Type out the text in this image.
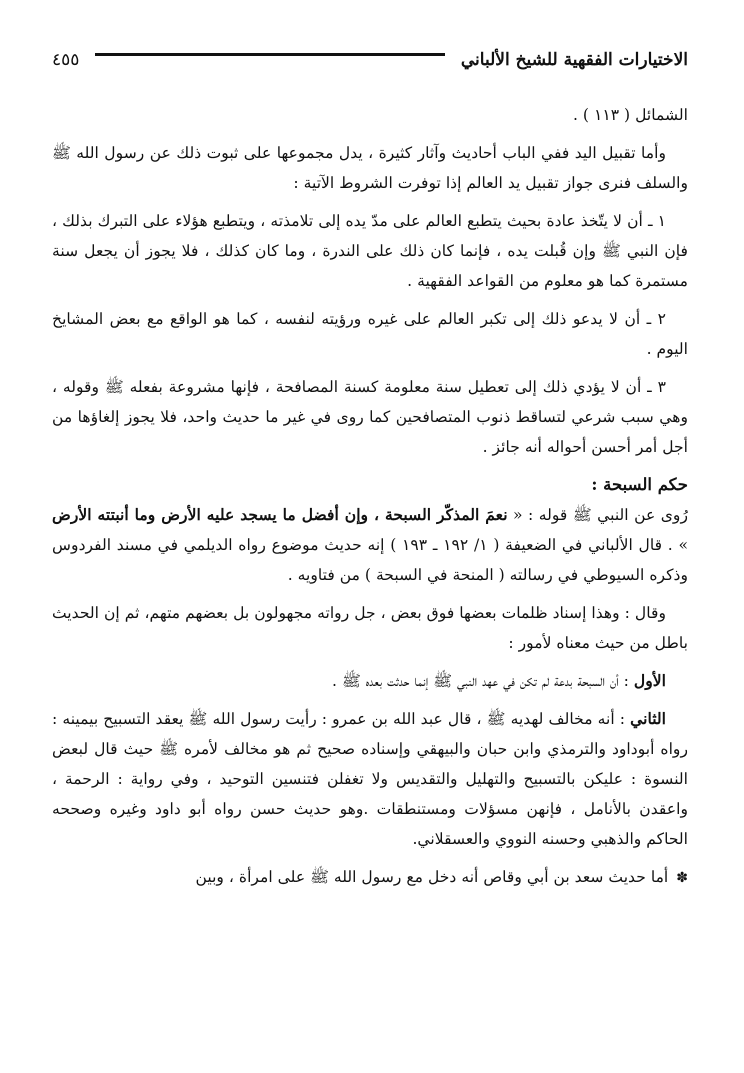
الاختيارات الفقهية للشيخ الألباني
٤٥٥

الشمائل ( ١١٣ ) .

وأما تقبيل اليد ففي الباب أحاديث وآثار كثيرة ، يدل مجموعها على ثبوت ذلك عن رسول الله ﷺ والسلف فنرى جواز تقبيل يد العالم إذا توفرت الشروط الآتية :

١ ـ أن لا يتّخذ عادة بحيث يتطبع العالم على مدّ يده إلى تلامذته ، ويتطبع هؤلاء على التبرك بذلك ، فإن النبي ﷺ وإن قُبلت يده ، فإنما كان ذلك على الندرة ، وما كان كذلك ، فلا يجوز أن يجعل سنة مستمرة كما هو معلوم من القواعد الفقهية .

٢ ـ أن لا يدعو ذلك إلى تكبر العالم على غيره ورؤيته لنفسه ، كما هو الواقع مع بعض المشايخ اليوم .

٣ ـ أن لا يؤدي ذلك إلى تعطيل سنة معلومة كسنة المصافحة ، فإنها مشروعة بفعله ﷺ وقوله ، وهي سبب شرعي لتساقط ذنوب المتصافحين كما روى في غير ما حديث واحد، فلا يجوز إلغاؤها من أجل أمر أحسن أحواله أنه جائز .

حكم السبحة :

رُوى عن النبي ﷺ قوله : « نعمَ المذكّر السبحة ، وإن أفضل ما يسجد عليه الأرض وما أنبتته الأرض » . قال الألباني في الضعيفة ( ١/ ١٩٢ ـ ١٩٣ ) إنه حديث موضوع رواه الديلمي في مسند الفردوس وذكره السيوطي في رسالته ( المنحة في السبحة ) من فتاويه .

وقال : وهذا إسناد ظلمات بعضها فوق بعض ، جل رواته مجهولون بل بعضهم متهم، ثم إن الحديث باطل من حيث معناه لأمور :

الأول : أن السبحة بدعة لم تكن في عهد النبي ﷺ إنما حدثت بعده ﷺ .

الثاني : أنه مخالف لهديه ﷺ ، قال عبد الله بن عمرو : رأيت رسول الله ﷺ يعقد التسبيح بيمينه : رواه أبوداود والترمذي وابن حبان والبيهقي وإسناده صحيح ثم هو مخالف لأمره ﷺ حيث قال لبعض النسوة : عليكن بالتسبيح والتهليل والتقديس ولا تغفلن فتنسين التوحيد ، وفي رواية : الرحمة ، واعقدن بالأنامل ، فإنهن مسؤلات ومستنطقات .وهو حديث حسن رواه أبو داود وغيره وصححه الحاكم والذهبي وحسنه النووي والعسقلاني.

✽أما حديث سعد بن أبي وقاص أنه دخل مع رسول الله ﷺ على امرأة ، وبين
